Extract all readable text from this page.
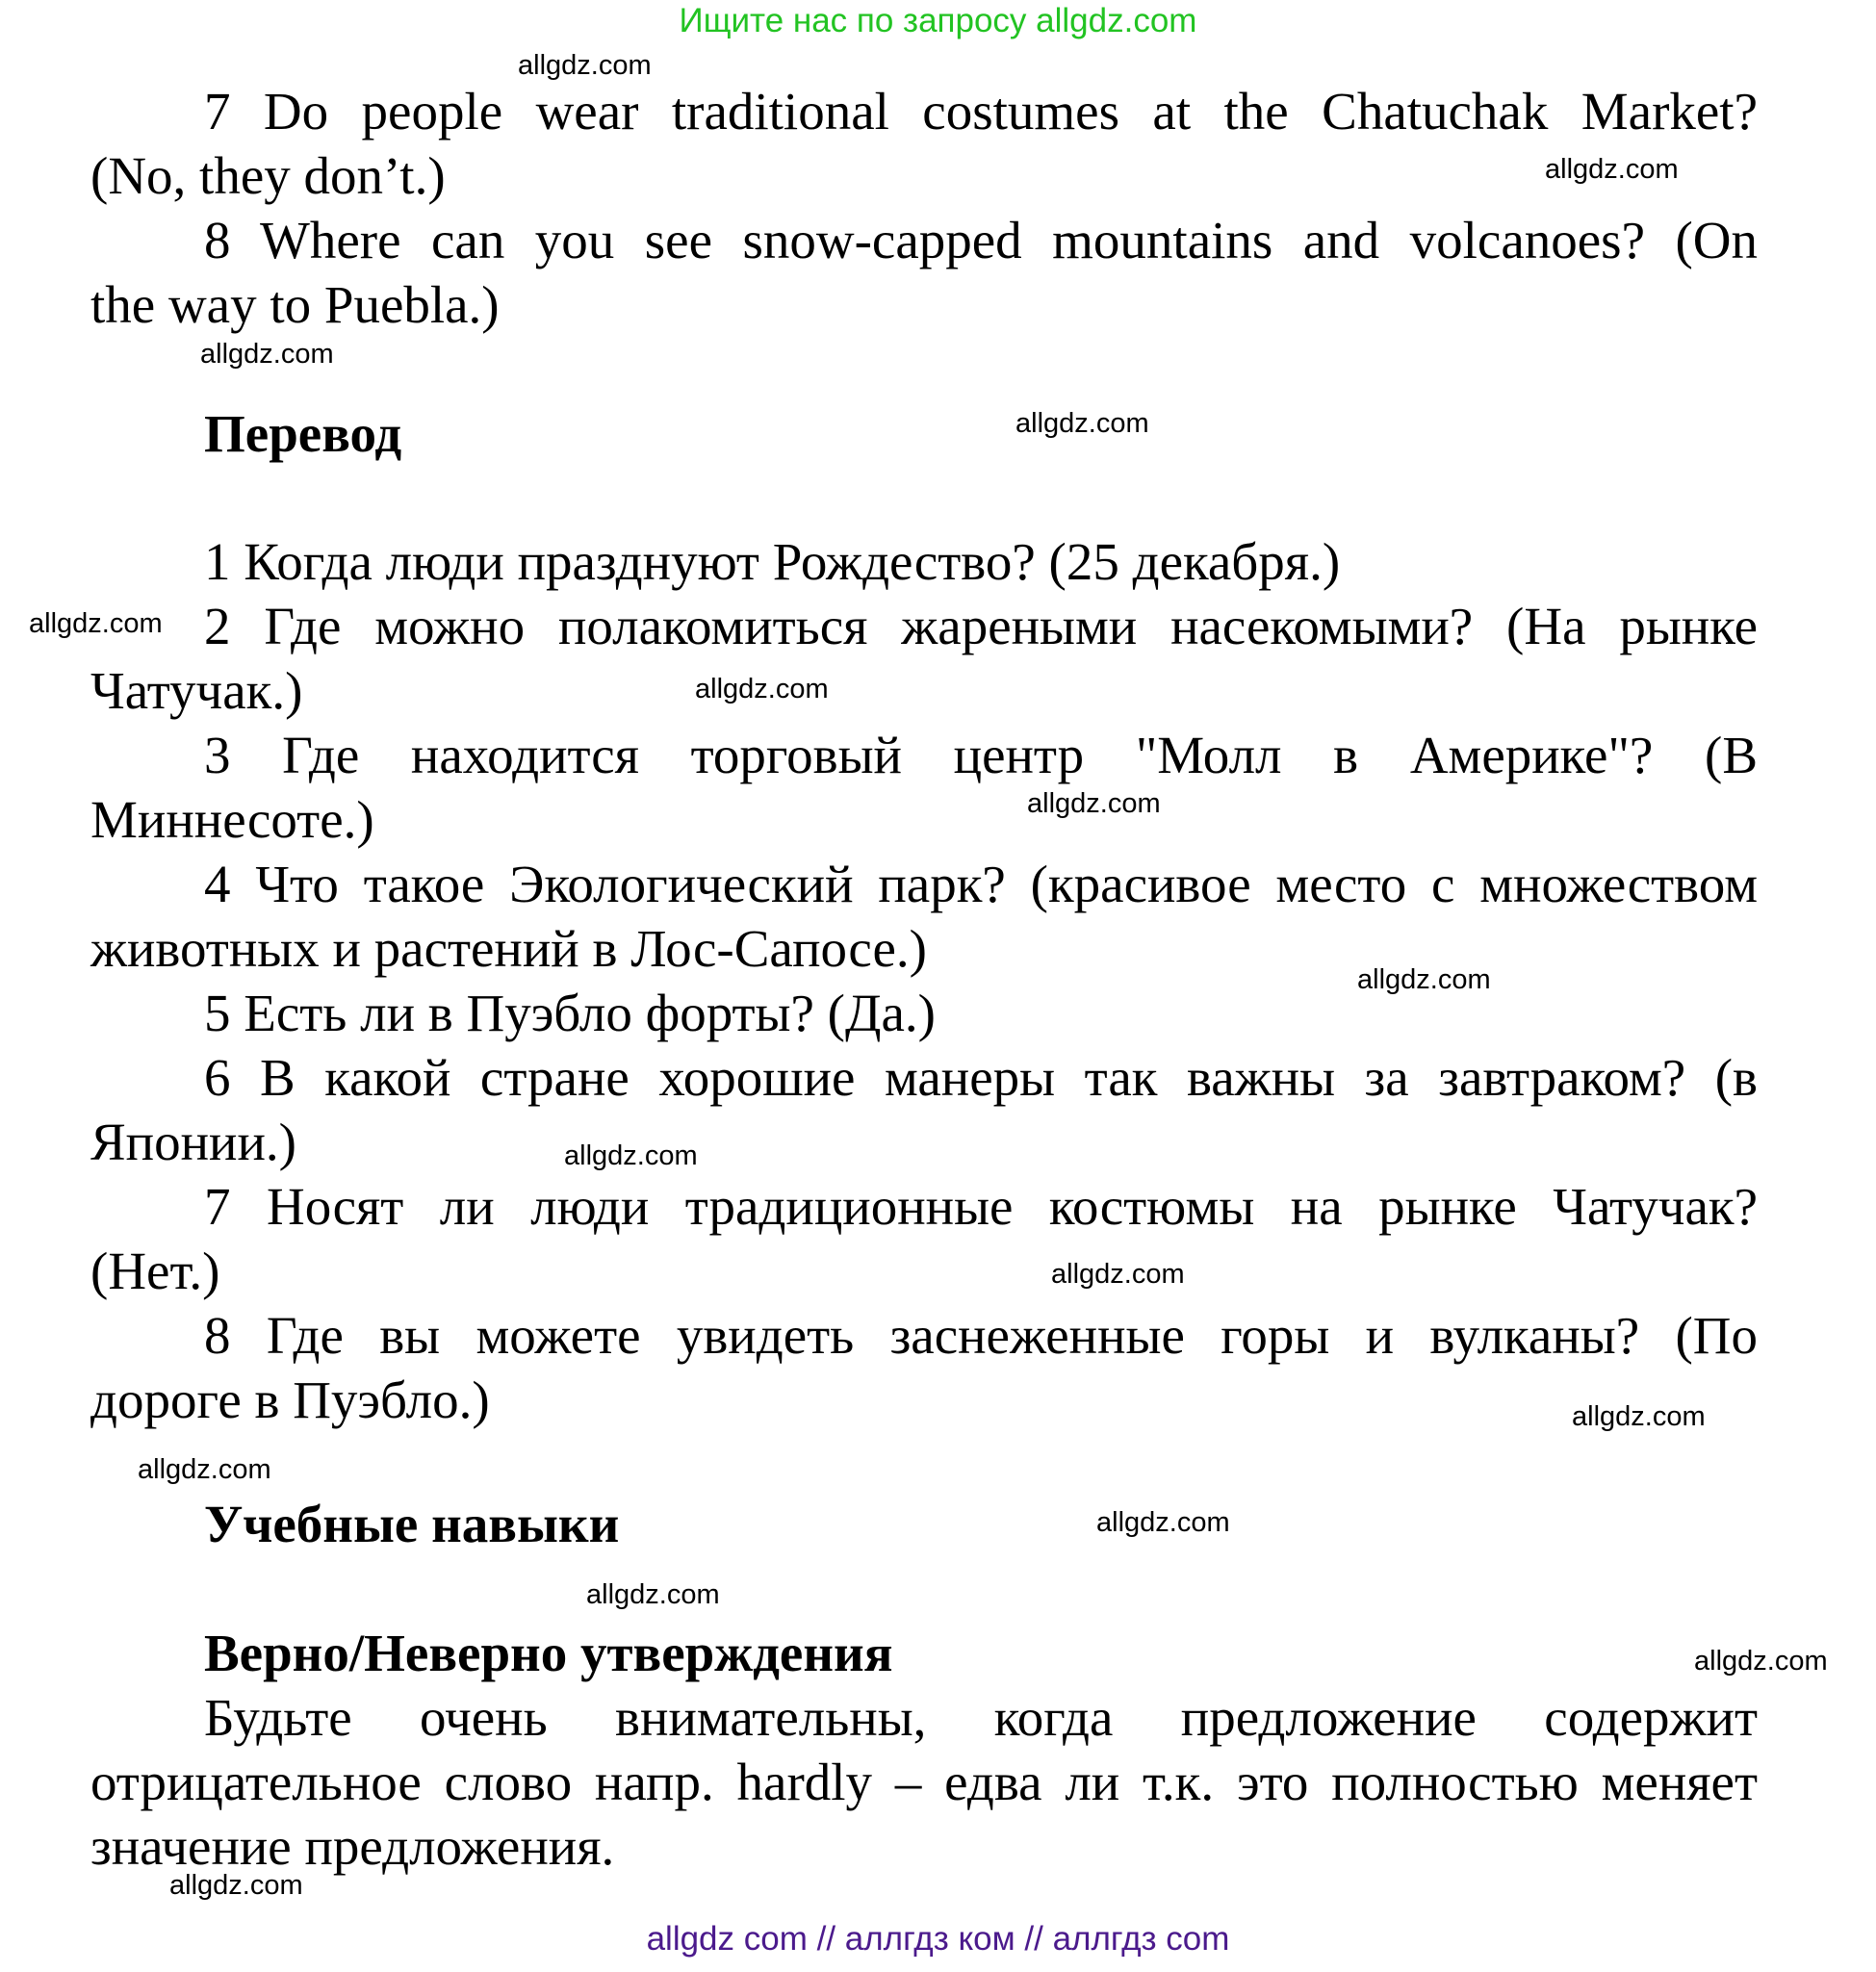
Ищите нас по запросу allgdz.com
allgdz.com
7 Do people wear traditional costumes at the Chatuchak Market?
(No, they don’t.)	allgdz.com
8 Where can you see snow-capped mountains and volcanoes? (On
the way to Puebla.)
allgdz.com
Перевод	allgdz.com
1 Когда люди празднуют Рождество? (25 декабря.)
allgdz.com 2 Где можно полакомиться жареными насекомыми? (На рынке
Чатучак.)	allgdz.com
3 Где находится торговый центр "Молл в Америке"? (В
Миннесоте.)	allgdz.com
4 Что такое Экологический парк? (красивое место с множеством
животных и растений в Лос-Сапосе.)
allgdz.com
5 Есть ли в Пуэбло форты? (Да.)
6 В какой стране хорошие манеры так важны за завтраком? (в
Японии.)	allgdz.com
7 Носят ли люди традиционные костюмы на рынке Чатучак?
(Нет.)	allgdz.com
8 Где вы можете увидеть заснеженные горы и вулканы? (По
дороге в Пуэбло.)	allgdz.com
allgdz.com
Учебные навыки	allgdz.com
allgdz.com
Верно/Неверно утверждения	allgdz.com
Будьте очень внимательны, когда предложение содержит
отрицательное слово напр. hardly – едва ли т.к. это полностью меняет
значение предложения.
allgdz.com
allgdz com // аллгдз ком // аллгдз com
